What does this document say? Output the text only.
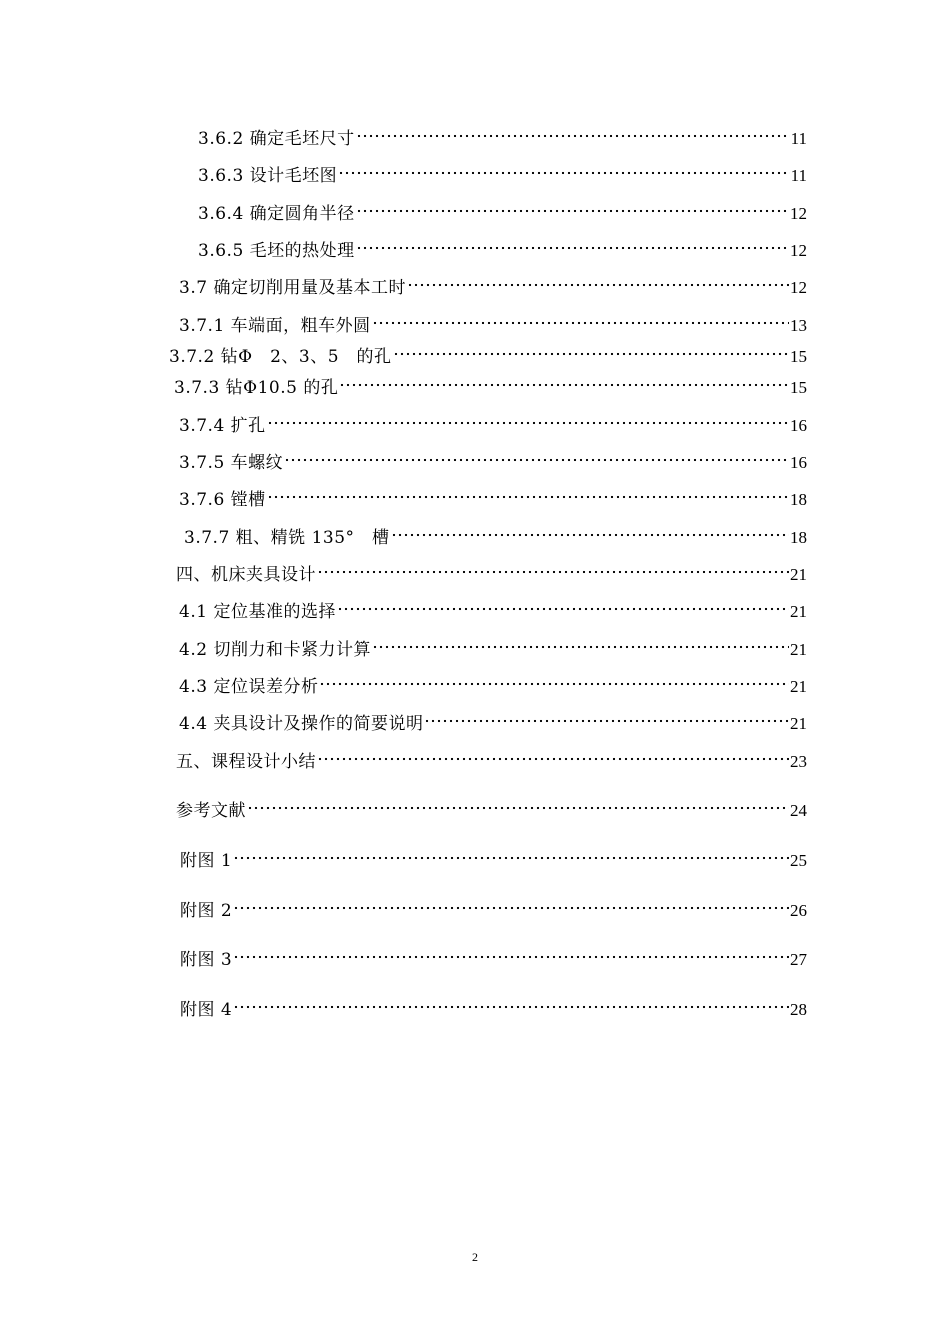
3.6.2 确定毛坯尺寸	11
3.6.3 设计毛坯图	11
3.6.4 确定圆角半径	12
3.6.5 毛坯的热处理	12
3.7 确定切削用量及基本工时	12
3.7.1 车端面，粗车外圆	13
3.7.2 钻Φ　2、3、5　的孔	15
3.7.3 钻Φ10.5 的孔	15
3.7.4 扩孔	16
3.7.5 车螺纹	16
3.7.6 镗槽	18
3.7.7 粗、精铣 135°　槽	18
四、机床夹具设计	21
4.1 定位基准的选择	21
4.2 切削力和卡紧力计算	21
4.3 定位误差分析	21
4.4 夹具设计及操作的简要说明	21
五、课程设计小结	23
参考文献	24
附图 1	25
附图 2	26
附图 3	27
附图 4	28
2
